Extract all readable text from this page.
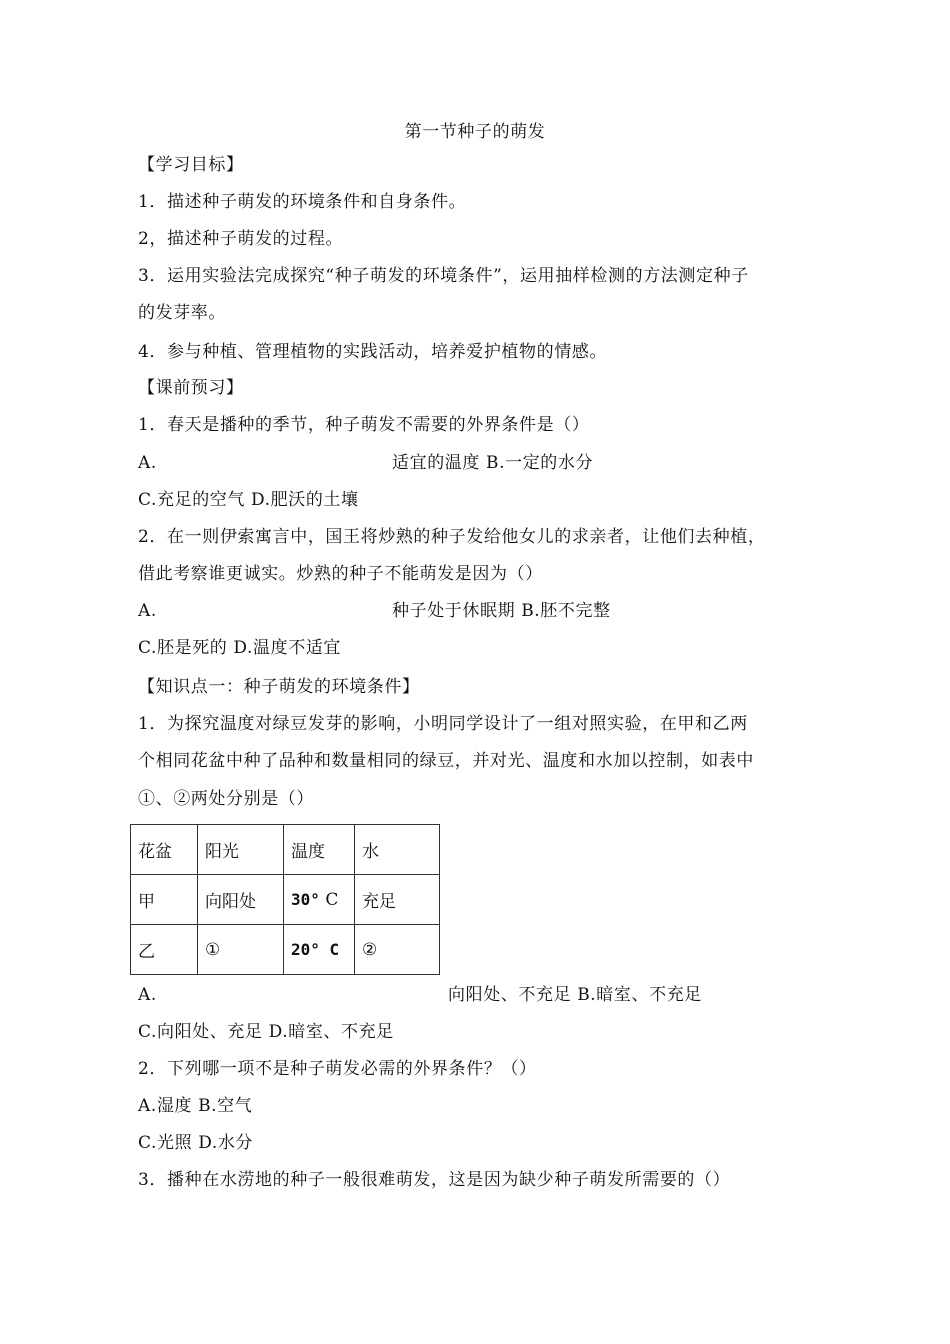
第一节种子的萌发
【学习目标】
1．描述种子萌发的环境条件和自身条件。
2，描述种子萌发的过程。
3．运用实验法完成探究“种子萌发的环境条件”，运用抽样检测的方法测定种子
的发芽率。
4．参与种植、管理植物的实践活动，培养爱护植物的情感。
【课前预习】
1．春天是播种的季节，种子萌发不需要的外界条件是（）
A.	适宜的温度 B.一定的水分
C.充足的空气 D.肥沃的土壤
2．在一则伊索寓言中，国王将炒熟的种子发给他女儿的求亲者，让他们去种植，
借此考察谁更诚实。炒熟的种子不能萌发是因为（）
A.	种子处于休眠期 B.胚不完整
C.胚是死的 D.温度不适宜
【知识点一：种子萌发的环境条件】
1．为探究温度对绿豆发芽的影响，小明同学设计了一组对照实验，在甲和乙两
个相同花盆中种了品种和数量相同的绿豆，并对光、温度和水加以控制，如表中
①、②两处分别是（）
花盆	阳光	温度	水
甲	向阳处	30° C	充足
乙	①	20° C	②
A.	向阳处、不充足 B.暗室、不充足
C.向阳处、充足 D.暗室、不充足
2．下列哪一项不是种子萌发必需的外界条件？（）
A.湿度 B.空气
C.光照 D.水分
3．播种在水涝地的种子一般很难萌发，这是因为缺少种子萌发所需要的（）
